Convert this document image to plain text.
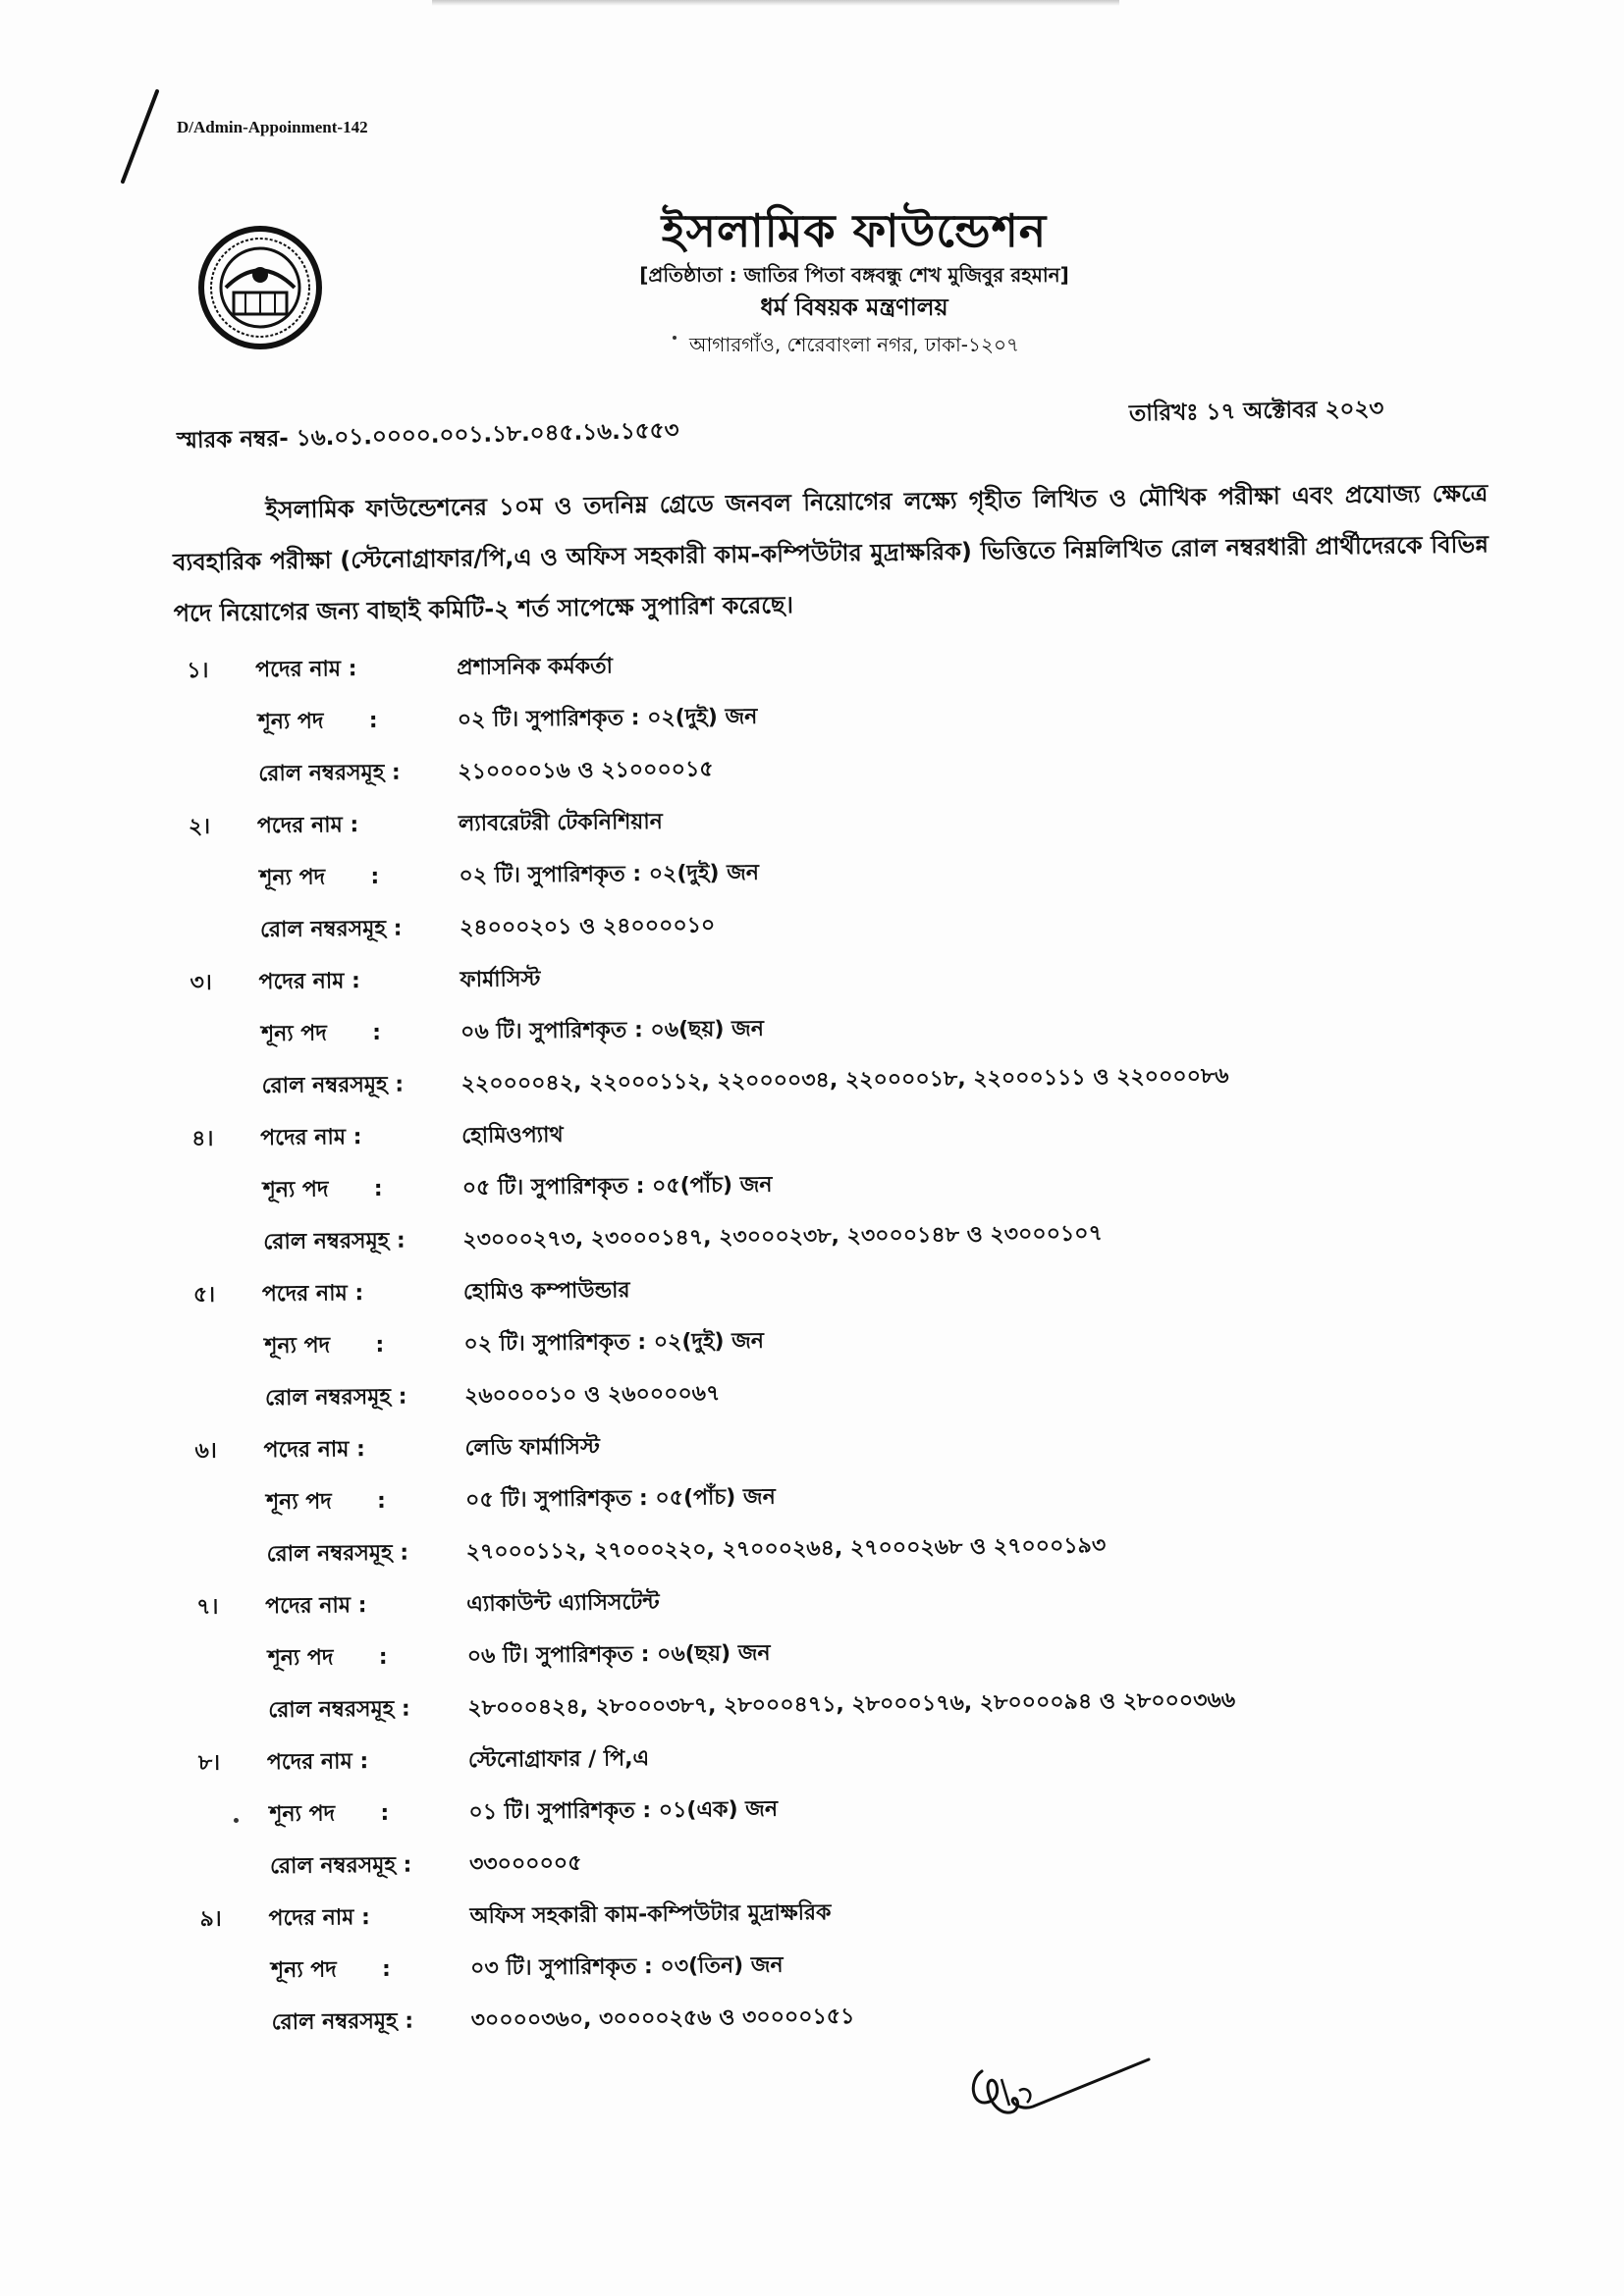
D/Admin-Appoinment-142
ইসলামিক ফাউন্ডেশন
[প্রতিষ্ঠাতা : জাতির পিতা বঙ্গবন্ধু শেখ মুজিবুর রহমান]
ধর্ম বিষয়ক মন্ত্রণালয়
আগারগাঁও, শেরেবাংলা নগর, ঢাকা-১২০৭
স্মারক নম্বর- ১৬.০১.০০০০.০০১.১৮.০৪৫.১৬.১৫৫৩
তারিখঃ ১৭ অক্টোবর ২০২৩
ইসলামিক ফাউন্ডেশনের ১০ম ও তদনিম্ন গ্রেডে জনবল নিয়োগের লক্ষ্যে গৃহীত লিখিত ও মৌখিক পরীক্ষা এবং প্রযোজ্য ক্ষেত্রে ব্যবহারিক পরীক্ষা (স্টেনোগ্রাফার/পি,এ ও অফিস সহকারী কাম-কম্পিউটার মুদ্রাক্ষরিক) ভিত্তিতে নিম্নলিখিত রোল নম্বরধারী প্রার্থীদেরকে বিভিন্ন পদে নিয়োগের জন্য বাছাই কমিটি-২ শর্ত সাপেক্ষে সুপারিশ করেছে।
১।	পদের নাম :	প্রশাসনিক কর্মকর্তা
শূন্য পদ :	০২ টি। সুপারিশকৃত : ০২(দুই) জন
রোল নম্বরসমূহ :	২১০০০০১৬ ও ২১০০০০১৫
২।	পদের নাম :	ল্যাবরেটরী টেকনিশিয়ান
শূন্য পদ :	০২ টি। সুপারিশকৃত : ০২(দুই) জন
রোল নম্বরসমূহ :	২৪০০০২০১ ও ২৪০০০০১০
৩।	পদের নাম :	ফার্মাসিস্ট
শূন্য পদ :	০৬ টি। সুপারিশকৃত : ০৬(ছয়) জন
রোল নম্বরসমূহ :	২২০০০০৪২, ২২০০০১১২, ২২০০০০৩৪, ২২০০০০১৮, ২২০০০১১১ ও ২২০০০০৮৬
৪।	পদের নাম :	হোমিওপ্যাথ
শূন্য পদ :	০৫ টি। সুপারিশকৃত : ০৫(পাঁচ) জন
রোল নম্বরসমূহ :	২৩০০০২৭৩, ২৩০০০১৪৭, ২৩০০০২৩৮, ২৩০০০১৪৮ ও ২৩০০০১০৭
৫।	পদের নাম :	হোমিও কম্পাউন্ডার
শূন্য পদ :	০২ টি। সুপারিশকৃত : ০২(দুই) জন
রোল নম্বরসমূহ :	২৬০০০০১০ ও ২৬০০০০৬৭
৬।	পদের নাম :	লেডি ফার্মাসিস্ট
শূন্য পদ :	০৫ টি। সুপারিশকৃত : ০৫(পাঁচ) জন
রোল নম্বরসমূহ :	২৭০০০১১২, ২৭০০০২২০, ২৭০০০২৬৪, ২৭০০০২৬৮ ও ২৭০০০১৯৩
৭।	পদের নাম :	এ্যাকাউন্ট এ্যাসিসটেন্ট
শূন্য পদ :	০৬ টি। সুপারিশকৃত : ০৬(ছয়) জন
রোল নম্বরসমূহ :	২৮০০০৪২৪, ২৮০০০৩৮৭, ২৮০০০৪৭১, ২৮০০০১৭৬, ২৮০০০০৯৪ ও ২৮০০০৩৬৬
৮।	পদের নাম :	স্টেনোগ্রাফার / পি,এ
শূন্য পদ :	০১ টি। সুপারিশকৃত : ০১(এক) জন
রোল নম্বরসমূহ :	৩৩০০০০০৫
৯।	পদের নাম :	অফিস সহকারী কাম-কম্পিউটার মুদ্রাক্ষরিক
শূন্য পদ :	০৩ টি। সুপারিশকৃত : ০৩(তিন) জন
রোল নম্বরসমূহ :	৩০০০০৩৬০, ৩০০০০২৫৬ ও ৩০০০০১৫১
